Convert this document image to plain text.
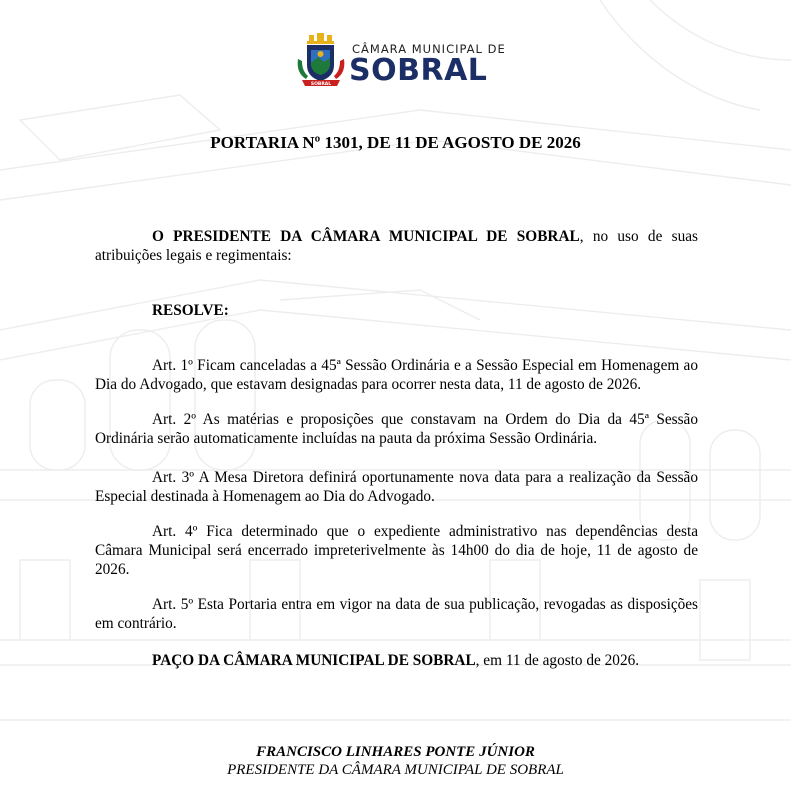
SOBRAL
CÂMARA MUNICIPAL DE
SOBRAL
PORTARIA Nº 1301, DE 11 DE AGOSTO DE 2026
O PRESIDENTE DA CÂMARA MUNICIPAL DE SOBRAL, no uso de suas atribuições legais e regimentais:
RESOLVE:
Art. 1º Ficam canceladas a 45ª Sessão Ordinária e a Sessão Especial em Homenagem ao Dia do Advogado, que estavam designadas para ocorrer nesta data, 11 de agosto de 2026.
Art. 2º As matérias e proposições que constavam na Ordem do Dia da 45ª Sessão Ordinária serão automaticamente incluídas na pauta da próxima Sessão Ordinária.
Art. 3º A Mesa Diretora definirá oportunamente nova data para a realização da Sessão Especial destinada à Homenagem ao Dia do Advogado.
Art. 4º Fica determinado que o expediente administrativo nas dependências desta Câmara Municipal será encerrado impreterivelmente às 14h00 do dia de hoje, 11 de agosto de 2026.
Art. 5º Esta Portaria entra em vigor na data de sua publicação, revogadas as disposições em contrário.
PAÇO DA CÂMARA MUNICIPAL DE SOBRAL, em 11 de agosto de 2026.
FRANCISCO LINHARES PONTE JÚNIOR
PRESIDENTE DA CÂMARA MUNICIPAL DE SOBRAL
